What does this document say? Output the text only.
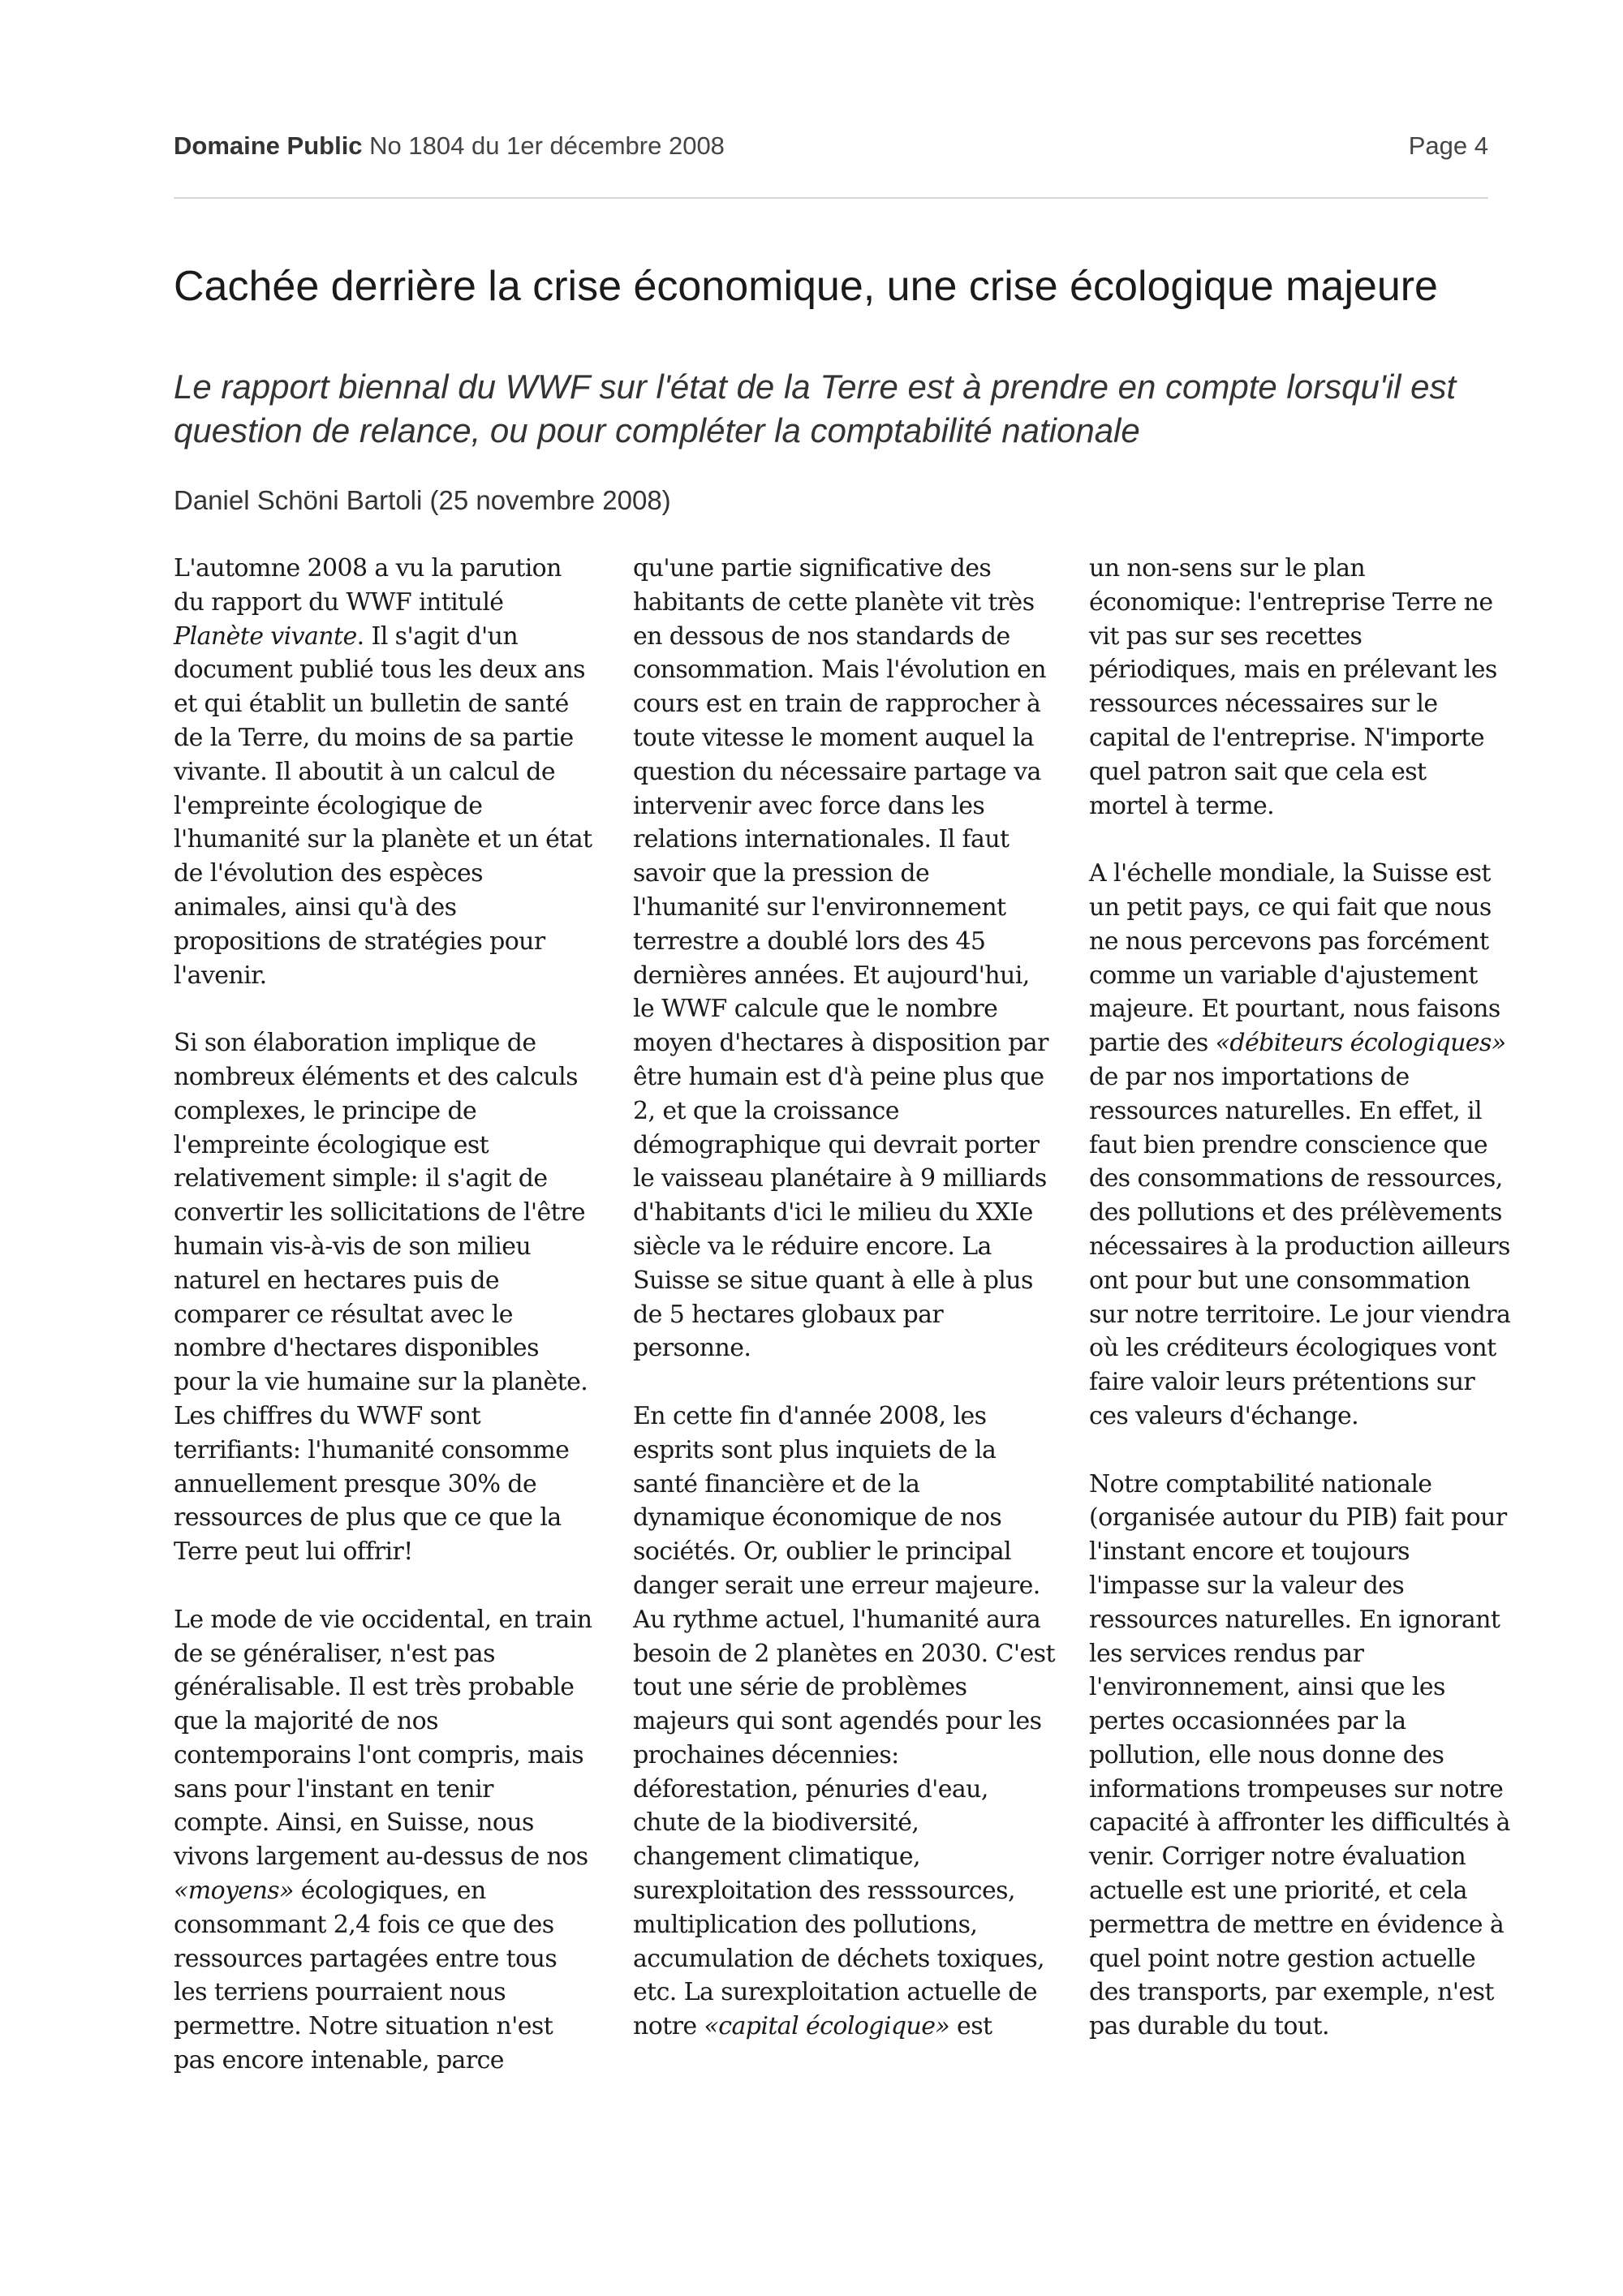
Domaine Public No 1804 du 1er décembre 2008	Page 4
Cachée derrière la crise économique, une crise écologique majeure

Le rapport biennal du WWF sur l'état de la Terre est à prendre en compte lorsqu'il est question de relance, ou pour compléter la comptabilité nationale

Daniel Schöni Bartoli (25 novembre 2008)

L'automne 2008 a vu la parution du rapport du WWF intitulé Planète vivante. Il s'agit d'un document publié tous les deux ans et qui établit un bulletin de santé de la Terre, du moins de sa partie vivante. Il aboutit à un calcul de l'empreinte écologique de l'humanité sur la planète et un état de l'évolution des espèces animales, ainsi qu'à des propositions de stratégies pour l'avenir.

Si son élaboration implique de nombreux éléments et des calculs complexes, le principe de l'empreinte écologique est relativement simple: il s'agit de convertir les sollicitations de l'être humain vis-à-vis de son milieu naturel en hectares puis de comparer ce résultat avec le nombre d'hectares disponibles pour la vie humaine sur la planète. Les chiffres du WWF sont terrifiants: l'humanité consomme annuellement presque 30% de ressources de plus que ce que la Terre peut lui offrir!

Le mode de vie occidental, en train de se généraliser, n'est pas généralisable. Il est très probable que la majorité de nos contemporains l'ont compris, mais sans pour l'instant en tenir compte. Ainsi, en Suisse, nous vivons largement au-dessus de nos «moyens» écologiques, en consommant 2,4 fois ce que des ressources partagées entre tous les terriens pourraient nous permettre. Notre situation n'est pas encore intenable, parce

qu'une partie significative des habitants de cette planète vit très en dessous de nos standards de consommation. Mais l'évolution en cours est en train de rapprocher à toute vitesse le moment auquel la question du nécessaire partage va intervenir avec force dans les relations internationales. Il faut savoir que la pression de l'humanité sur l'environnement terrestre a doublé lors des 45 dernières années. Et aujourd'hui, le WWF calcule que le nombre moyen d'hectares à disposition par être humain est d'à peine plus que 2, et que la croissance démographique qui devrait porter le vaisseau planétaire à 9 milliards d'habitants d'ici le milieu du XXIe siècle va le réduire encore. La Suisse se situe quant à elle à plus de 5 hectares globaux par personne.

En cette fin d'année 2008, les esprits sont plus inquiets de la santé financière et de la dynamique économique de nos sociétés. Or, oublier le principal danger serait une erreur majeure. Au rythme actuel, l'humanité aura besoin de 2 planètes en 2030. C'est tout une série de problèmes majeurs qui sont agendés pour les prochaines décennies: déforestation, pénuries d'eau, chute de la biodiversité, changement climatique, surexploitation des resssources, multiplication des pollutions, accumulation de déchets toxiques, etc. La surexploitation actuelle de notre «capital écologique» est

un non-sens sur le plan économique: l'entreprise Terre ne vit pas sur ses recettes périodiques, mais en prélevant les ressources nécessaires sur le capital de l'entreprise. N'importe quel patron sait que cela est mortel à terme.

A l'échelle mondiale, la Suisse est un petit pays, ce qui fait que nous ne nous percevons pas forcément comme un variable d'ajustement majeure. Et pourtant, nous faisons partie des «débiteurs écologiques» de par nos importations de ressources naturelles. En effet, il faut bien prendre conscience que des consommations de ressources, des pollutions et des prélèvements nécessaires à la production ailleurs ont pour but une consommation sur notre territoire. Le jour viendra où les créditeurs écologiques vont faire valoir leurs prétentions sur ces valeurs d'échange.

Notre comptabilité nationale (organisée autour du PIB) fait pour l'instant encore et toujours l'impasse sur la valeur des ressources naturelles. En ignorant les services rendus par l'environnement, ainsi que les pertes occasionnées par la pollution, elle nous donne des informations trompeuses sur notre capacité à affronter les difficultés à venir. Corriger notre évaluation actuelle est une priorité, et cela permettra de mettre en évidence à quel point notre gestion actuelle des transports, par exemple, n'est pas durable du tout.
